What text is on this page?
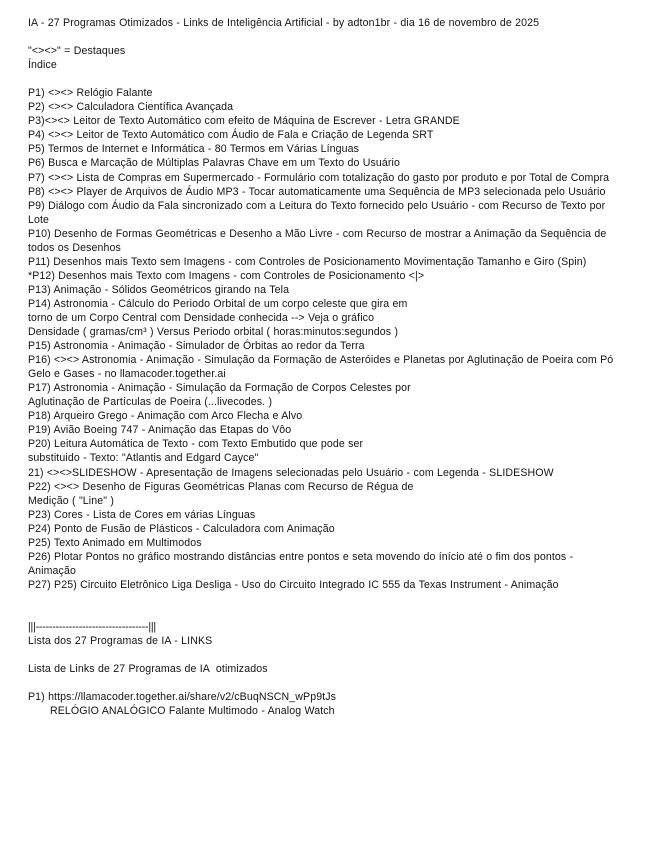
IA - 27 Programas Otimizados - Links de Inteligência Artificial - by adton1br - dia 16 de novembro de 2025

"<><>" = Destaques

Índice

P1) <><> Relógio Falante

P2) <><> Calculadora Científica Avançada

P3)<><> Leitor de Texto Automático com efeito de Máquina de Escrever - Letra GRANDE

P4) <><> Leitor de Texto Automático com Áudio de Fala e Criação de Legenda SRT

P5) Termos de Internet e Informática - 80 Termos em Várias Línguas

P6) Busca e Marcação de Múltiplas Palavras Chave em um Texto do Usuário

P7) <><> Lista de Compras em Supermercado - Formulário com totalização do gasto por produto e por Total de Compra

P8) <><> Player de Arquivos de Áudio MP3 - Tocar automaticamente uma Sequência de MP3 selecionada pelo Usuário

P9) Diálogo com Áudio da Fala sincronizado com a Leitura do Texto fornecido pelo Usuário - com Recurso de Texto por Lote

P10) Desenho de Formas Geométricas e Desenho a Mão Livre - com Recurso de mostrar a Animação da Sequência de todos os Desenhos

P11) Desenhos mais Texto sem Imagens - com Controles de Posicionamento Movimentação Tamanho e Giro (Spin)

*P12) Desenhos mais Texto com Imagens - com Controles de Posicionamento <|>

P13) Animação - Sólidos Geométricos girando na Tela

P14) Astronomia - Cálculo do Periodo Orbital de um corpo celeste que gira em

torno de um Corpo Central com Densidade conhecida --> Veja o gráfico

Densidade ( gramas/cm³ ) Versus Periodo orbital ( horas:minutos:segundos )

P15) Astronomia - Animação - Simulador de Órbitas ao redor da Terra

P16) <><> Astronomia - Animação - Simulação da Formação de Asteróides e Planetas por Aglutinação de Poeira com Pó Gelo e Gases - no llamacoder.together.ai

P17) Astronomia - Animação - Simulação da Formação de Corpos Celestes por

Aglutinação de Partículas de Poeira (...livecodes. )

P18) Arqueiro Grego - Animação com Arco Flecha e Alvo

P19) Avião Boeing 747 - Animação das Etapas do Vôo

P20) Leitura Automática de Texto - com Texto Embutido que pode ser

substituido - Texto: "Atlantis and Edgard Cayce"

21) <><>SLIDESHOW - Apresentação de Imagens selecionadas pelo Usuário - com Legenda - SLIDESHOW

P22) <><> Desenho de Figuras Geométricas Planas com Recurso de Régua de

Medição ( "Line" )

P23) Cores - Lista de Cores em várias Línguas

P24) Ponto de Fusão de Plásticos - Calculadora com Animação

P25) Texto Animado em Multimodos

P26) Plotar Pontos no gráfico mostrando distâncias entre pontos e seta movendo do ínício até o fim dos pontos - Animação

P27) P25) Circuito Eletrônico Liga Desliga - Uso do Circuito Integrado IC 555 da Texas Instrument - Animação

|||----------------------------------|||

Lista dos 27 Programas de IA - LINKS

Lista de Links de 27 Programas de IA  otimizados

P1) https://llamacoder.together.ai/share/v2/cBuqNSCN_wPp9tJs

RELÓGIO ANALÓGICO Falante Multimodo - Analog Watch
